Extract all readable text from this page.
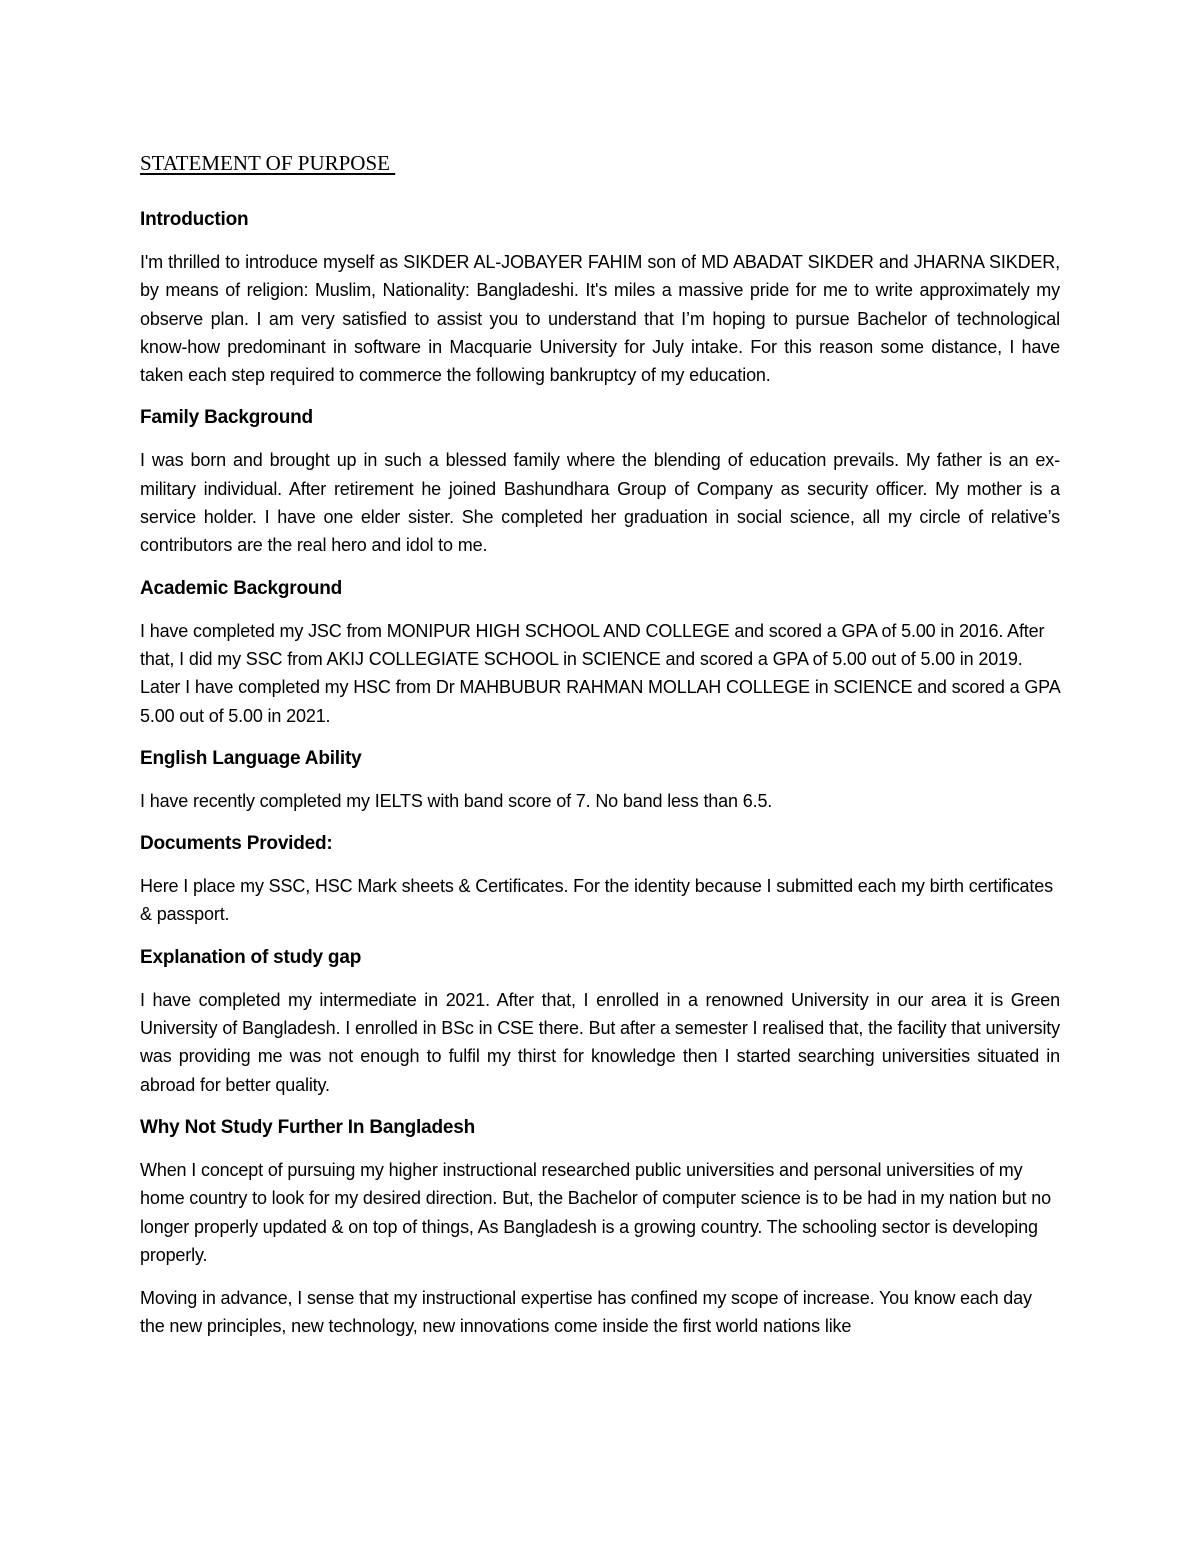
STATEMENT OF PURPOSE
Introduction

I'm thrilled to introduce myself as SIKDER AL-JOBAYER FAHIM son of MD ABADAT SIKDER and JHARNA SIKDER, by means of religion: Muslim, Nationality: Bangladeshi. It's miles a massive pride for me to write approximately my observe plan. I am very satisfied to assist you to understand that I’m hoping to pursue Bachelor of technological know-how predominant in software in Macquarie University for July intake. For this reason some distance, I have taken each step required to commerce the following bankruptcy of my education.

Family Background

I was born and brought up in such a blessed family where the blending of education prevails. My father is an ex-military individual. After retirement he joined Bashundhara Group of Company as security officer. My mother is a service holder. I have one elder sister. She completed her graduation in social science, all my circle of relative’s contributors are the real hero and idol to me.

Academic Background

I have completed my JSC from MONIPUR HIGH SCHOOL AND COLLEGE and scored a GPA of 5.00 in 2016. After that, I did my SSC from AKIJ COLLEGIATE SCHOOL in SCIENCE and scored a GPA of 5.00 out of 5.00 in 2019. Later I have completed my HSC from Dr MAHBUBUR RAHMAN MOLLAH COLLEGE in SCIENCE and scored a GPA 5.00 out of 5.00 in 2021.

English Language Ability

I have recently completed my IELTS with band score of 7. No band less than 6.5.

Documents Provided:

Here I place my SSC, HSC Mark sheets & Certificates. For the identity because I submitted each my birth certificates & passport.

Explanation of study gap

I have completed my intermediate in 2021. After that, I enrolled in a renowned University in our area it is Green University of Bangladesh. I enrolled in BSc in CSE there. But after a semester I realised that, the facility that university was providing me was not enough to fulfil my thirst for knowledge then I started searching universities situated in abroad for better quality.

Why Not Study Further In Bangladesh

When I concept of pursuing my higher instructional researched public universities and personal universities of my home country to look for my desired direction. But, the Bachelor of computer science is to be had in my nation but no longer properly updated & on top of things, As Bangladesh is a growing country. The schooling sector is developing properly.

Moving in advance, I sense that my instructional expertise has confined my scope of increase. You know each day the new principles, new technology, new innovations come inside the first world nations like
